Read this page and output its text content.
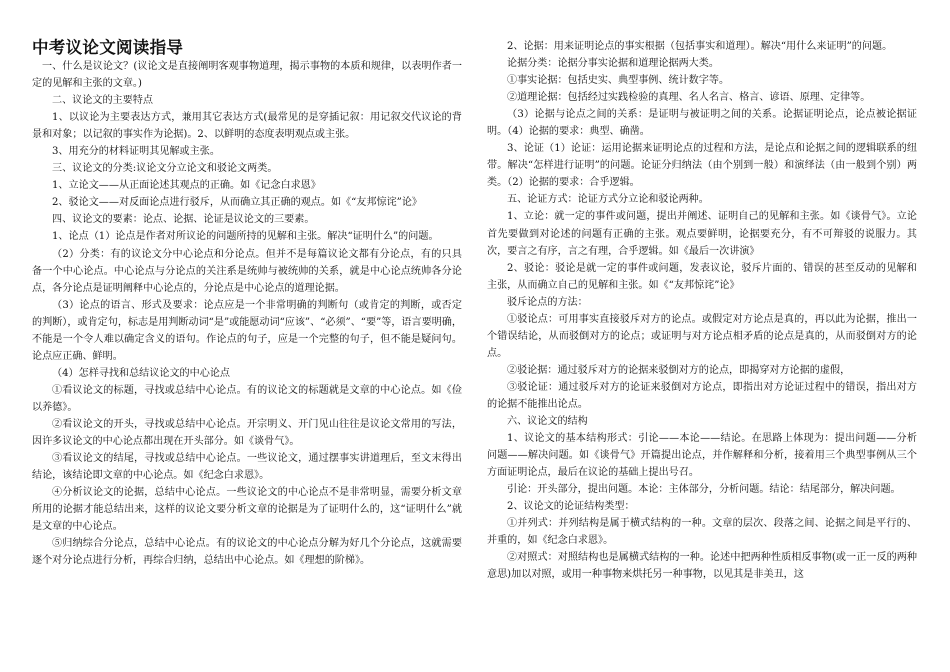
中考议论文阅读指导

一、什么是议论文？(议论文是直接阐明客观事物道理，揭示事物的本质和规律，以表明作者一定的见解和主张的文章。)

二、议论文的主要特点

1、以议论为主要表达方式，兼用其它表达方式(最常见的是穿插记叙：用记叙交代议论的背景和对象；以记叙的事实作为论据)。2、以鲜明的态度表明观点或主张。

3、用充分的材料证明其见解或主张。

三、议论文的分类:议论文分立论文和驳论文两类。

1、立论文——从正面论述其观点的正确。如《记念白求恩》

2、驳论文——对反面论点进行驳斥，从而确立其正确的观点。如《“友邦惊诧”论》

四、议论文的要素：论点、论据、论证是议论文的三要素。

1、论点（1）论点是作者对所议论的问题所持的见解和主张。解决“证明什么”的问题。

（2）分类：有的议论文分中心论点和分论点。但并不是每篇议论文都有分论点，有的只具备一个中心论点。中心论点与分论点的关注系是统帅与被统帅的关系，就是中心论点统帅各分论点，各分论点是证明阐释中心论点的，分论点是中心论点的道理论据。

（3）论点的语言、形式及要求：论点应是一个非常明确的判断句（或肯定的判断，或否定的判断），或肯定句，标志是用判断动词“是”或能愿动词“应该”、“必须”、“要”等，语言要明确，不能是一个令人难以确定含义的语句。作论点的句子，应是一个完整的句子，但不能是疑问句。论点应正确、鲜明。

（4）怎样寻找和总结议论文的中心论点

①看议论文的标题，寻找或总结中心论点。有的议论文的标题就是文章的中心论点。如《俭以养德》。

②看议论文的开头，寻找或总结中心论点。开宗明义、开门见山往往是议论文常用的写法，因许多议论文的中心论点都出现在开头部分。如《谈骨气》。

③看议论文的结尾，寻找或总结中心论点。一些议论文，通过摆事实讲道理后，至文末得出结论，该结论即文章的中心论点。如《纪念白求恩》。

④分析议论文的论据，总结中心论点。一些议论文的中心论点不是非常明显，需要分析文章所用的论据才能总结出来，这样的议论文要分析文章的论据是为了证明什么的，这“证明什么”就是文章的中心论点。

⑤归纳综合分论点，总结中心论点。有的议论文的中心论点分解为好几个分论点，这就需要逐个对分论点进行分析，再综合归纳，总结出中心论点。如《理想的阶梯》。

2、论据：用来证明论点的事实根据（包括事实和道理）。解决“用什么来证明”的问题。

论据分类：论据分事实论据和道理论据两大类。

①事实论据：包括史实、典型事例、统计数字等。

②道理论据：包括经过实践检验的真理、名人名言、格言、谚语、原理、定律等。

（3）论据与论点之间的关系：是证明与被证明之间的关系。论据证明论点，论点被论据证明。（4）论据的要求：典型、确凿。

3、论证（1）论证：运用论据来证明论点的过程和方法，是论点和论据之间的逻辑联系的纽带。解决“怎样进行证明”的问题。论证分归纳法（由个别到一般）和演绎法（由一般到个别）两类。（2）论据的要求：合乎逻辑。

五、论证方式：论证方式分立论和驳论两种。

1、立论：就一定的事件或问题，提出并阐述、证明自己的见解和主张。如《谈骨气》。立论首先要做到对论述的问题有正确的主张。观点要鲜明，论据要充分，有不可辩驳的说服力。其次，要言之有序，言之有理，合乎逻辑。如《最后一次讲演》

2、驳论：驳论是就一定的事件或问题，发表议论，驳斥片面的、错误的甚至反动的见解和主张，从而确立自己的见解和主张。如《“友邦惊诧”论》

驳斥论点的方法：

①驳论点：可用事实直接驳斥对方的论点。或假定对方论点是真的，再以此为论据，推出一个错误结论，从而驳倒对方的论点；或证明与对方论点相矛盾的论点是真的，从而驳倒对方的论点。

②驳论据：通过驳斥对方的论据来驳倒对方的论点，即揭穿对方论据的虚假，

③驳论证：通过驳斥对方的论证来驳倒对方论点，即指出对方论证过程中的错误，指出对方的论据不能推出论点。

六、议论文的结构

1、议论文的基本结构形式：引论——本论——结论。在思路上体现为：提出问题——分析问题——解决问题。如《谈骨气》开篇提出论点，并作解释和分析，接着用三个典型事例从三个方面证明论点，最后在议论的基础上提出号召。

引论：开头部分，提出问题。本论：主体部分，分析问题。结论：结尾部分，解决问题。

2、议论文的论证结构类型：

①并列式：并列结构是属于横式结构的一种。文章的层次、段落之间、论据之间是平行的、并重的，如《纪念白求恩》。

②对照式：对照结构也是属横式结构的一种。论述中把两种性质相反事物(或一正一反的两种意思)加以对照，或用一种事物来烘托另一种事物，以见其是非美丑，这
